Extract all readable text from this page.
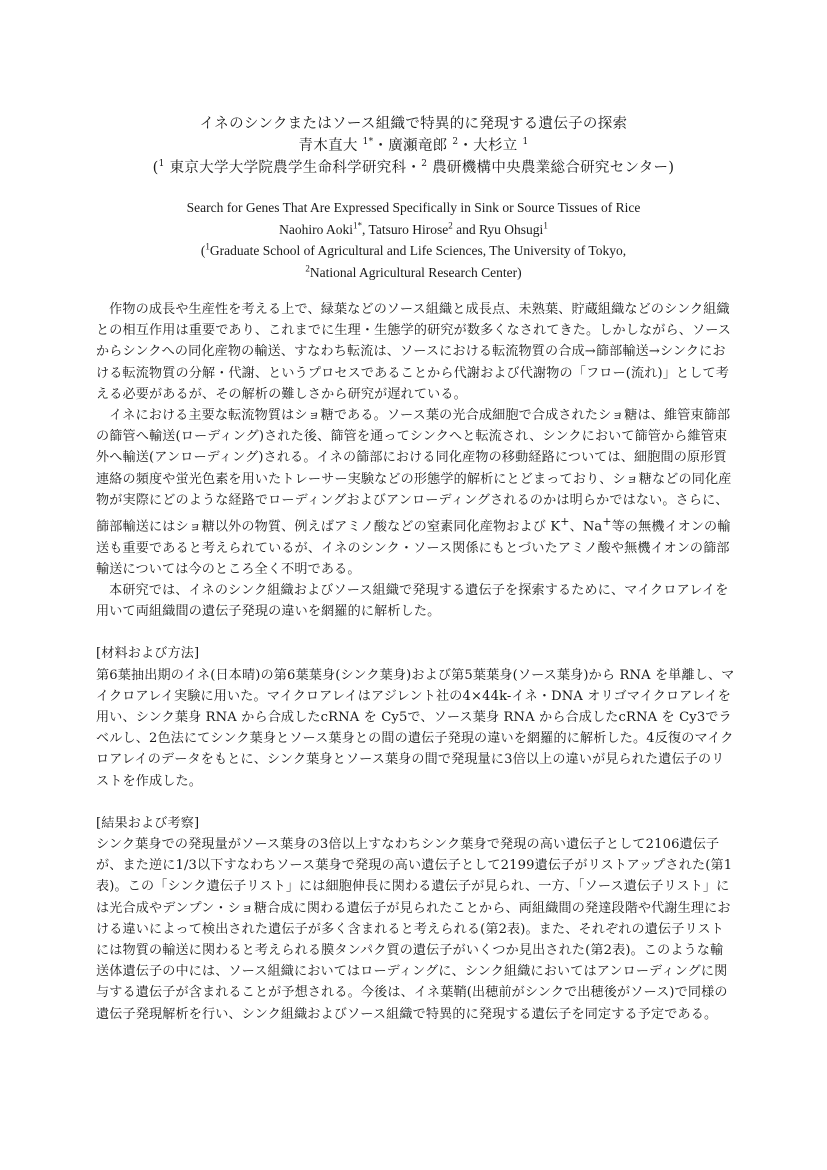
イネのシンクまたはソース組織で特異的に発現する遺伝子の探索
青木直大 $^{1*}$・廣瀬竜郎 $^2$・大杉立 $^1$
($^1$ 東京大学大学院農学生命科学研究科・$^2$ 農研機構中央農業総合研究センター)
Search for Genes That Are Expressed Specifically in Sink or Source Tissues of Rice
Naohiro Aoki$^{1*}$, Tatsuro Hirose$^2$ and Ryu Ohsugi$^1$
($^1$Graduate School of Agricultural and Life Sciences, The University of Tokyo,
$^2$National Agricultural Research Center)

作物の成長や生産性を考える上で、緑葉などのソース組織と成長点、未熟葉、貯蔵組織などのシンク組織との相互作用は重要であり、これまでに生理・生態学的研究が数多くなされてきた。しかしながら、ソースからシンクへの同化産物の輸送、すなわち転流は、ソースにおける転流物質の合成→篩部輸送→シンクにおける転流物質の分解・代謝、というプロセスであることから代謝および代謝物の「フロー(流れ)」として考える必要があるが、その解析の難しさから研究が遅れている。

イネにおける主要な転流物質はショ糖である。ソース葉の光合成細胞で合成されたショ糖は、維管束篩部の篩管へ輸送(ローディング)された後、篩管を通ってシンクへと転流され、シンクにおいて篩管から維管束外へ輸送(アンローディング)される。イネの篩部における同化産物の移動経路については、細胞間の原形質連絡の頻度や蛍光色素を用いたトレーサー実験などの形態学的解析にとどまっており、ショ糖などの同化産物が実際にどのような経路でローディングおよびアンローディングされるのかは明らかではない。さらに、篩部輸送にはショ糖以外の物質、例えばアミノ酸などの窒素同化産物および K+、Na+等の無機イオンの輸送も重要であると考えられているが、イネのシンク・ソース関係にもとづいたアミノ酸や無機イオンの篩部輸送については今のところ全く不明である。

本研究では、イネのシンク組織およびソース組織で発現する遺伝子を探索するために、マイクロアレイを用いて両組織間の遺伝子発現の違いを網羅的に解析した。

[材料および方法]

第6葉抽出期のイネ(日本晴)の第6葉葉身(シンク葉身)および第5葉葉身(ソース葉身)から RNA を単離し、マイクロアレイ実験に用いた。マイクロアレイはアジレント社の4×44k-イネ・DNA オリゴマイクロアレイを用い、シンク葉身 RNA から合成したcRNA を Cy5で、ソース葉身 RNA から合成したcRNA を Cy3でラベルし、2色法にてシンク葉身とソース葉身との間の遺伝子発現の違いを網羅的に解析した。4反復のマイクロアレイのデータをもとに、シンク葉身とソース葉身の間で発現量に3倍以上の違いが見られた遺伝子のリストを作成した。

[結果および考察]

シンク葉身での発現量がソース葉身の3倍以上すなわちシンク葉身で発現の高い遺伝子として2106遺伝子が、また逆に1/3以下すなわちソース葉身で発現の高い遺伝子として2199遺伝子がリストアップされた(第1表)。この「シンク遺伝子リスト」には細胞伸長に関わる遺伝子が見られ、一方、「ソース遺伝子リスト」には光合成やデンプン・ショ糖合成に関わる遺伝子が見られたことから、両組織間の発達段階や代謝生理における違いによって検出された遺伝子が多く含まれると考えられる(第2表)。また、それぞれの遺伝子リストには物質の輸送に関わると考えられる膜タンパク質の遺伝子がいくつか見出された(第2表)。このような輸送体遺伝子の中には、ソース組織においてはローディングに、シンク組織においてはアンローディングに関与する遺伝子が含まれることが予想される。今後は、イネ葉鞘(出穂前がシンクで出穂後がソース)で同様の遺伝子発現解析を行い、シンク組織およびソース組織で特異的に発現する遺伝子を同定する予定である。
